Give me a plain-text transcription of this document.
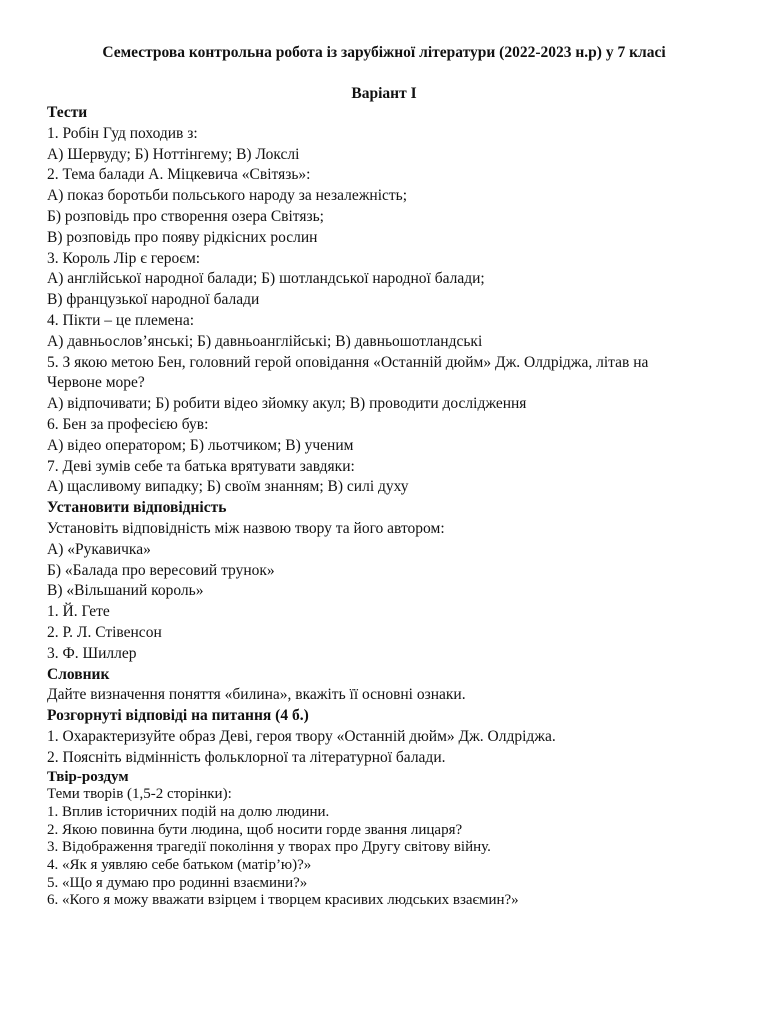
Семестрова контрольна робота із зарубіжної літератури (2022-2023 н.р) у 7 класі
Варіант І
Тести
1. Робін Гуд походив з:
А) Шервуду; Б) Ноттінгему; В) Локслі
2. Тема балади А. Міцкевича «Світязь»:
А) показ боротьби польського народу за незалежність;
Б) розповідь про створення озера Світязь;
В) розповідь про появу рідкісних рослин
3. Король Лір є героєм:
А) англійської народної балади; Б) шотландської народної балади;
В) французької народної балади
4. Пікти – це племена:
А) давньослов’янські; Б) давньоанглійські; В) давньошотландські
5. З якою метою Бен, головний герой оповідання «Останній дюйм» Дж. Олдріджа, літав на
Червоне море?
А) відпочивати; Б) робити відео зйомку акул; В) проводити дослідження
6. Бен за професією був:
А) відео оператором; Б) льотчиком; В) ученим
7. Деві зумів себе та батька врятувати завдяки:
А) щасливому випадку; Б) своїм знанням; В) силі духу
Установити відповідність
Установіть відповідність між назвою твору та його автором:
А) «Рукавичка»
Б) «Балада про вересовий трунок»
В) «Вільшаний король»
1. Й. Гете
2. Р. Л. Стівенсон
3. Ф. Шиллер
Словник
Дайте визначення поняття «билина», вкажіть її основні ознаки.
Розгорнуті відповіді на питання (4 б.)
1. Охарактеризуйте образ Деві, героя твору «Останній дюйм» Дж. Олдріджа.
2. Поясніть відмінність фольклорної та літературної балади.
Твір-роздум
Теми творів (1,5-2 сторінки):
1. Вплив історичних подій на долю людини.
2. Якою повинна бути людина, щоб носити горде звання лицаря?
3. Відображення трагедії покоління у творах про Другу світову війну.
4. «Як я уявляю себе батьком (матір’ю)?»
5. «Що я думаю про родинні взаємини?»
6. «Кого я можу вважати взірцем і творцем красивих людських взаємин?»
